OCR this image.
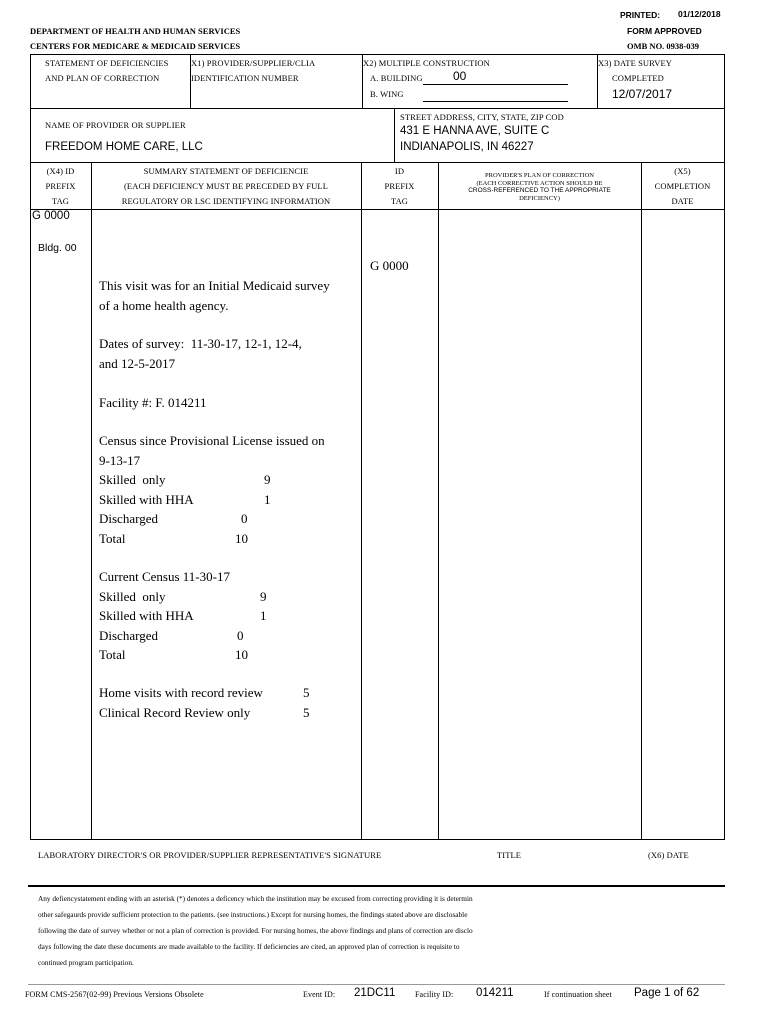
PRINTED: 01/12/2018
FORM APPROVED
OMB NO. 0938-039
DEPARTMENT OF HEALTH AND HUMAN SERVICES
CENTERS FOR MEDICARE & MEDICAID SERVICES
STATEMENT OF DEFICIENCIES
AND PLAN OF CORRECTION
X1) PROVIDER/SUPPLIER/CLIA
IDENTIFICATION NUMBER
X2) MULTIPLE CONSTRUCTION
A. BUILDING	00
B. WING
X3) DATE SURVEY
COMPLETED
12/07/2017
NAME OF PROVIDER OR SUPPLIER
FREEDOM HOME CARE, LLC
STREET ADDRESS, CITY, STATE, ZIP COD
431 E HANNA AVE, SUITE C
INDIANAPOLIS, IN 46227
(X4) ID
PREFIX
TAG
SUMMARY STATEMENT OF DEFICIENCIE
(EACH DEFICIENCY MUST BE PRECEDED BY FULL
REGULATORY OR LSC IDENTIFYING INFORMATION
ID
PREFIX
TAG
PROVIDER'S PLAN OF CORRECTION
(EACH CORRECTIVE ACTION SHOULD BE
CROSS-REFERENCED TO THE APPROPRIATE
DEFICIENCY)
(X5)
COMPLETION
DATE
G 0000
Bldg. 00
G 0000
This visit was for an Initial Medicaid survey
of a home health agency.
Dates of survey:  11-30-17, 12-1, 12-4,
and 12-5-2017
Facility #: F. 014211
Census since Provisional License issued on
9-13-17
Skilled  only	9
Skilled with HHA	1
Discharged	0
Total	10
Current Census 11-30-17
Skilled  only	9
Skilled with HHA	1
Discharged	0
Total	10
Home visits with record review	5
Clinical Record Review only	5
LABORATORY DIRECTOR'S OR PROVIDER/SUPPLIER REPRESENTATIVE'S SIGNATURE	TITLE	(X6) DATE
Any defiencystatement ending with an asterisk (*) denotes a deficency which the institution may be excused from correcting providing it is determin
other safegaurds provide sufficient protection to the patients. (see instructions.) Except for nursing homes, the findings stated above are disclosable
following the date of survey whether or not a plan of correction is provided. For nursing homes, the above findings and plans of correction are disclo
days following the date these documents are made available to the facility. If deficiencies are cited, an approved plan of correction is requisite to
continued program participation.
FORM CMS-2567(02-99) Previous Versions Obsolete	Event ID: 21DC11 Facility ID: 014211	If continuation sheet Page 1 of 62
